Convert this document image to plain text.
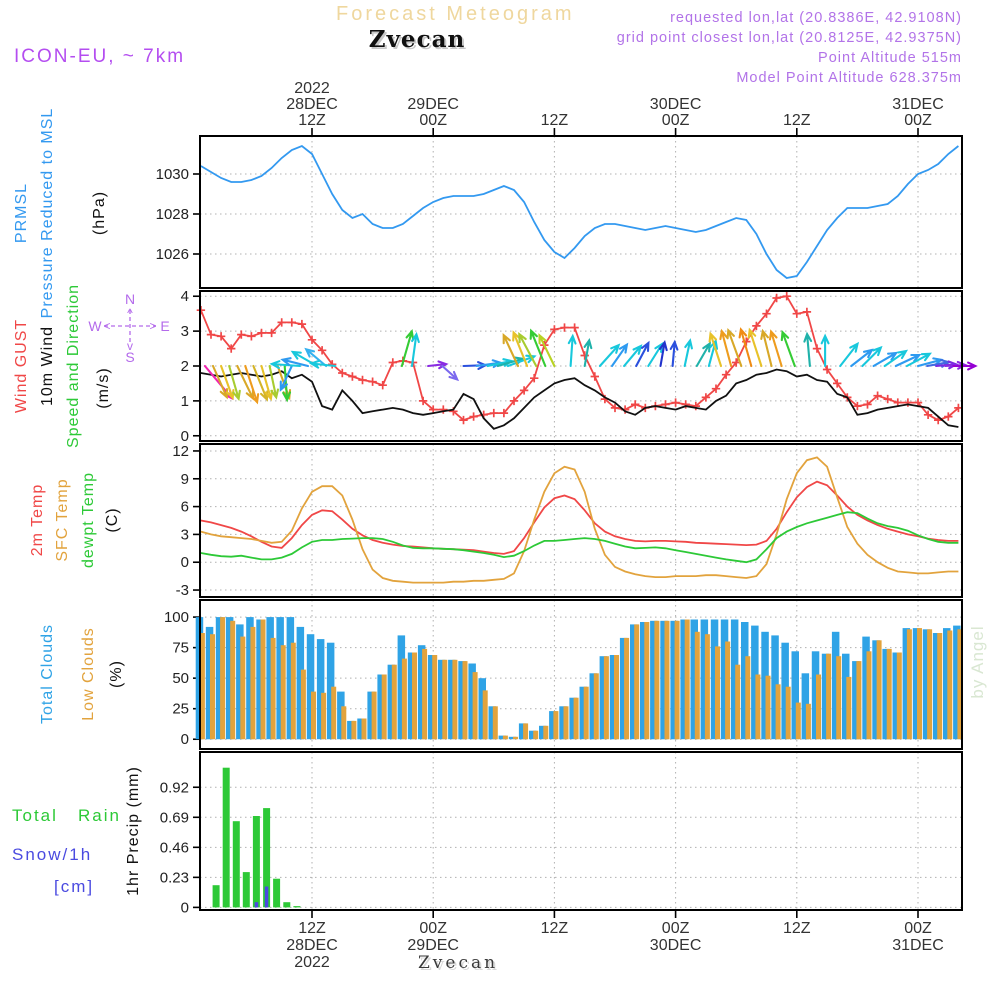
Forecast Meteogram
Zvecan
ICON-EU, ~ 7km
requested lon,lat (20.8386E, 42.9108N)
grid point closest lon,lat (20.8125E, 42.9375N)
Point Altitude 515m
Model Point Altitude 628.375m
1026
1028
1030
0
1
2
3
4
-3
0
3
6
9
12
0
25
50
75
100
0
0.23
0.46
0.69
0.92
12Z
12Z
28DEC
28DEC
2022
2022
00Z
00Z
29DEC
29DEC
12Z
12Z
00Z
00Z
30DEC
30DEC
12Z
12Z
00Z
00Z
31DEC
31DEC
N
^
v
S
W <	> E
PRMSL Pressure Reduced to MSL (hPa)
Wind GUST 10m Wind Speed and Direction (m/s)
2m Temp SFC Temp dewpt Temp (C)
Total Clouds Low Clouds (%)
1hr Precip (mm)
Total Rain
Snow/1h
[cm]
by Angel
Zvecan
